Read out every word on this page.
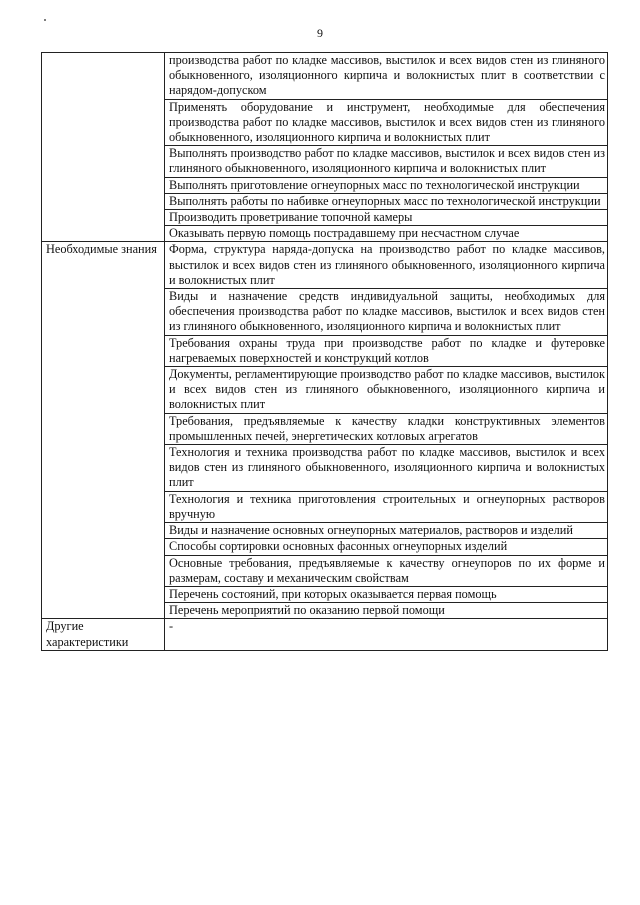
9
	производства работ по кладке массивов, выстилок и всех видов стен из глиняного обыкновенного, изоляционного кирпича и волокнистых плит в соответствии с нарядом-допуском
	Применять оборудование и инструмент, необходимые для обеспечения производства работ по кладке массивов, выстилок и всех видов стен из глиняного обыкновенного, изоляционного кирпича и волокнистых плит
	Выполнять производство работ по кладке массивов, выстилок и всех видов стен из глиняного обыкновенного, изоляционного кирпича и волокнистых плит
	Выполнять приготовление огнеупорных масс по технологической инструкции
	Выполнять работы по набивке огнеупорных масс по технологической инструкции
	Производить проветривание топочной камеры
	Оказывать первую помощь пострадавшему при несчастном случае

Необходимые знания	Форма, структура наряда-допуска на производство работ по кладке массивов, выстилок и всех видов стен из глиняного обыкновенного, изоляционного кирпича и волокнистых плит
	Виды и назначение средств индивидуальной защиты, необходимых для обеспечения производства работ по кладке массивов, выстилок и всех видов стен из глиняного обыкновенного, изоляционного кирпича и волокнистых плит
	Требования охраны труда при производстве работ по кладке и футеровке нагреваемых поверхностей и конструкций котлов
	Документы, регламентирующие производство работ по кладке массивов, выстилок и всех видов стен из глиняного обыкновенного, изоляционного кирпича и волокнистых плит
	Требования, предъявляемые к качеству кладки конструктивных элементов промышленных печей, энергетических котловых агрегатов
	Технология и техника производства работ по кладке массивов, выстилок и всех видов стен из глиняного обыкновенного, изоляционного кирпича и волокнистых плит
	Технология и техника приготовления строительных и огнеупорных растворов вручную
	Виды и назначение основных огнеупорных материалов, растворов и изделий
	Способы сортировки основных фасонных огнеупорных изделий
	Основные требования, предъявляемые к качеству огнеупоров по их форме и размерам, составу и механическим свойствам
	Перечень состояний, при которых оказывается первая помощь
	Перечень мероприятий по оказанию первой помощи

Другие характеристики	-
